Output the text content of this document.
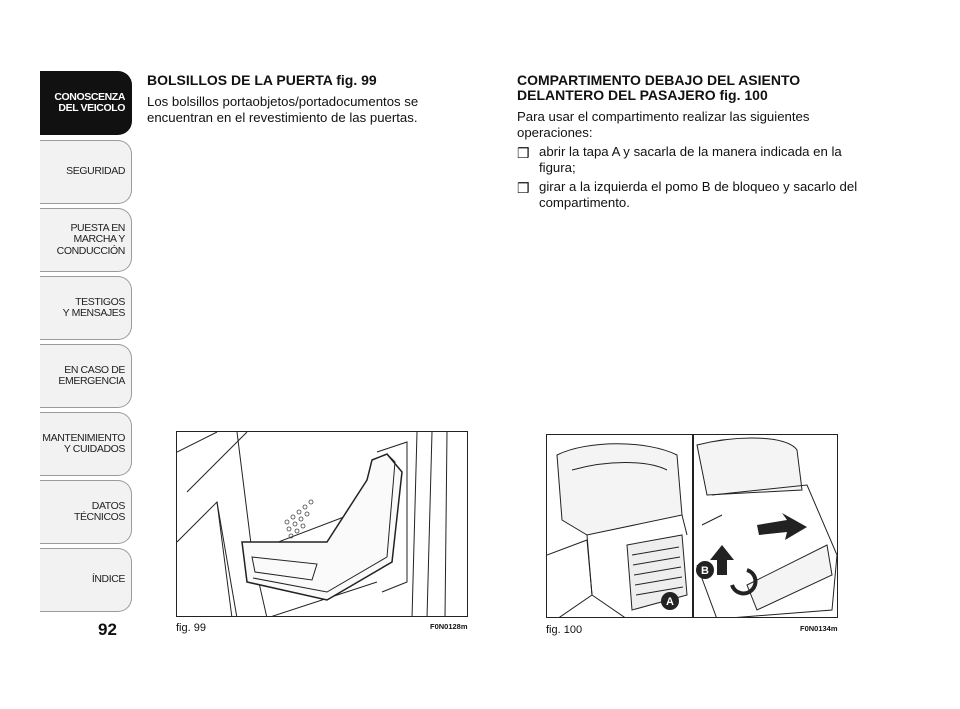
CONOSCENZA
DEL VEICOLO
SEGURIDAD
PUESTA EN
MARCHA Y
CONDUCCIÓN
TESTIGOS
Y MENSAJES
EN CASO DE
EMERGENCIA
MANTENIMIENTO
Y CUIDADOS
DATOS
TÉCNICOS
ÍNDICE
92
BOLSILLOS DE LA PUERTA fig. 99

Los bolsillos portaobjetos/portadocumentos se encuentran en el revestimiento de las puertas.

COMPARTIMENTO DEBAJO DEL ASIENTO DELANTERO DEL PASAJERO fig. 100

Para usar el compartimento realizar las siguientes operaciones:

❒ abrir la tapa A y sacarla de la manera indicada en la figura;
❒ girar a la izquierda el pomo B de bloqueo y sacarlo del compartimento.
fig. 99	F0N0128m
B
A
fig. 100	F0N0134m
